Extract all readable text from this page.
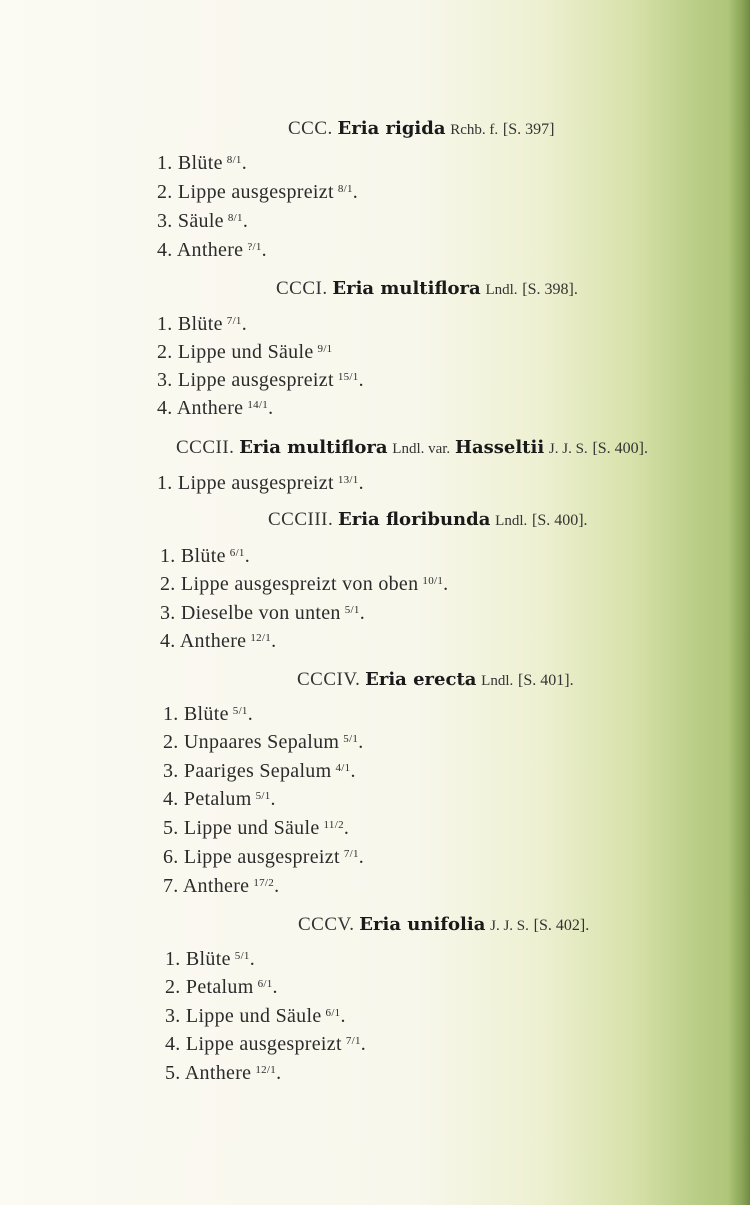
CCC. Eria rigida Rchb. f. [S. 397]
1. Blüte $^{8/1}$.
2. Lippe ausgespreizt $^{8/1}$.
3. Säule $^{8/1}$.
4. Anthere $^{?/1}$.
CCCI. Eria multiflora Lndl. [S. 398].
1. Blüte $^{7/1}$.
2. Lippe und Säule $^{9/1}$
3. Lippe ausgespreizt $^{15/1}$.
4. Anthere $^{14/1}$.
CCCII. Eria multiflora Lndl. var. Hasseltii J. J. S. [S. 400].
1. Lippe ausgespreizt $^{13/1}$.
CCCIII. Eria floribunda Lndl. [S. 400].
1. Blüte $^{6/1}$.
2. Lippe ausgespreizt von oben $^{10/1}$.
3. Dieselbe von unten $^{5/1}$.
4. Anthere $^{12/1}$.
CCCIV. Eria erecta Lndl. [S. 401].
1. Blüte $^{5/1}$.
2. Unpaares Sepalum $^{5/1}$.
3. Paariges Sepalum $^{4/1}$.
4. Petalum $^{5/1}$.
5. Lippe und Säule $^{11/2}$.
6. Lippe ausgespreizt $^{7/1}$.
7. Anthere $^{17/2}$.
CCCV. Eria unifolia J. J. S. [S. 402].
1. Blüte $^{5/1}$.
2. Petalum $^{6/1}$.
3. Lippe und Säule $^{6/1}$.
4. Lippe ausgespreizt $^{7/1}$.
5. Anthere $^{12/1}$.
